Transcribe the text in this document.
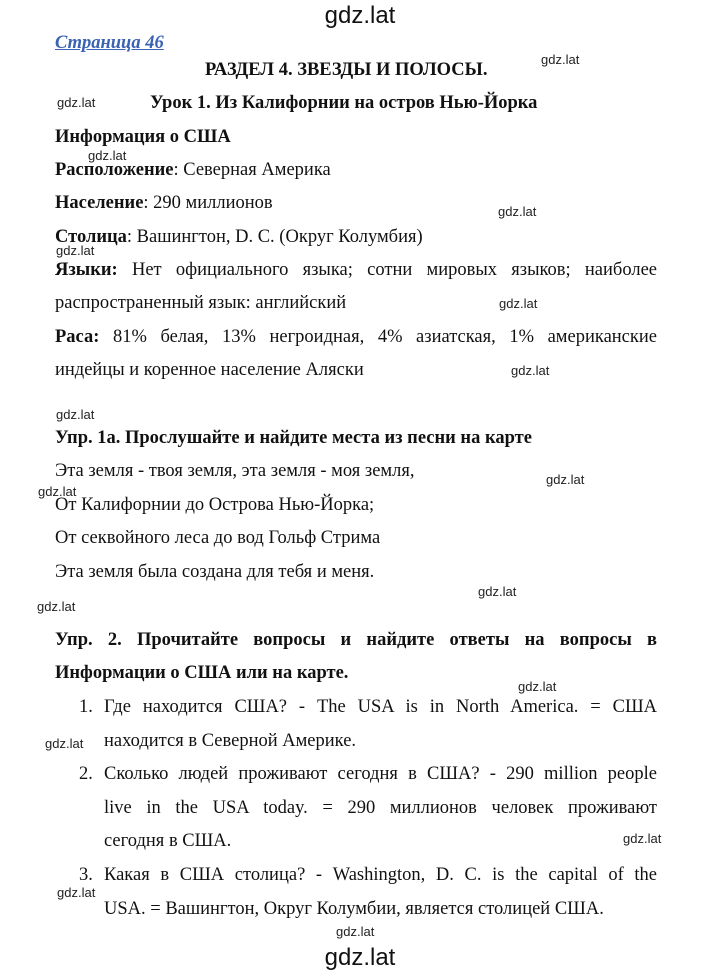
gdz.lat
gdz.lat
gdz.lat
gdz.lat
gdz.lat
gdz.lat
gdz.lat
gdz.lat
gdz.lat
gdz.lat
gdz.lat
gdz.lat
gdz.lat
gdz.lat
gdz.lat
gdz.lat
gdz.lat
gdz.lat
gdz.lat
Страница 46
РАЗДЕЛ 4. ЗВЕЗДЫ И ПОЛОСЫ.
Урок 1. Из Калифорнии на остров Нью-Йорка
Информация о США
Расположение: Северная Америка
Население: 290 миллионов
Столица: Вашингтон, D. C. (Округ Колумбия)
Языки: Нет официального языка; сотни мировых языков; наиболее
распространенный язык: английский
Раса: 81% белая, 13% негроидная, 4% азиатская, 1% американские
индейцы и коренное население Аляски
Упр. 1а. Прослушайте и найдите места из песни на карте
Эта земля - твоя земля, эта земля - моя земля,
От Калифорнии до Острова Нью-Йорка;
От секвойного леса до вод Гольф Стрима
Эта земля была создана для тебя и меня.
Упр. 2. Прочитайте вопросы и найдите ответы на вопросы в
Информации о США или на карте.
1. Где находится США? - The USA is in North America. = США
находится в Северной Америке.
2. Сколько людей проживают сегодня в США? - 290 million people
live in the USA today. = 290 миллионов человек проживают
сегодня в США.
3. Какая в США столица? - Washington, D. C. is the capital of the
USA. = Вашингтон, Округ Колумбии, является столицей США.
